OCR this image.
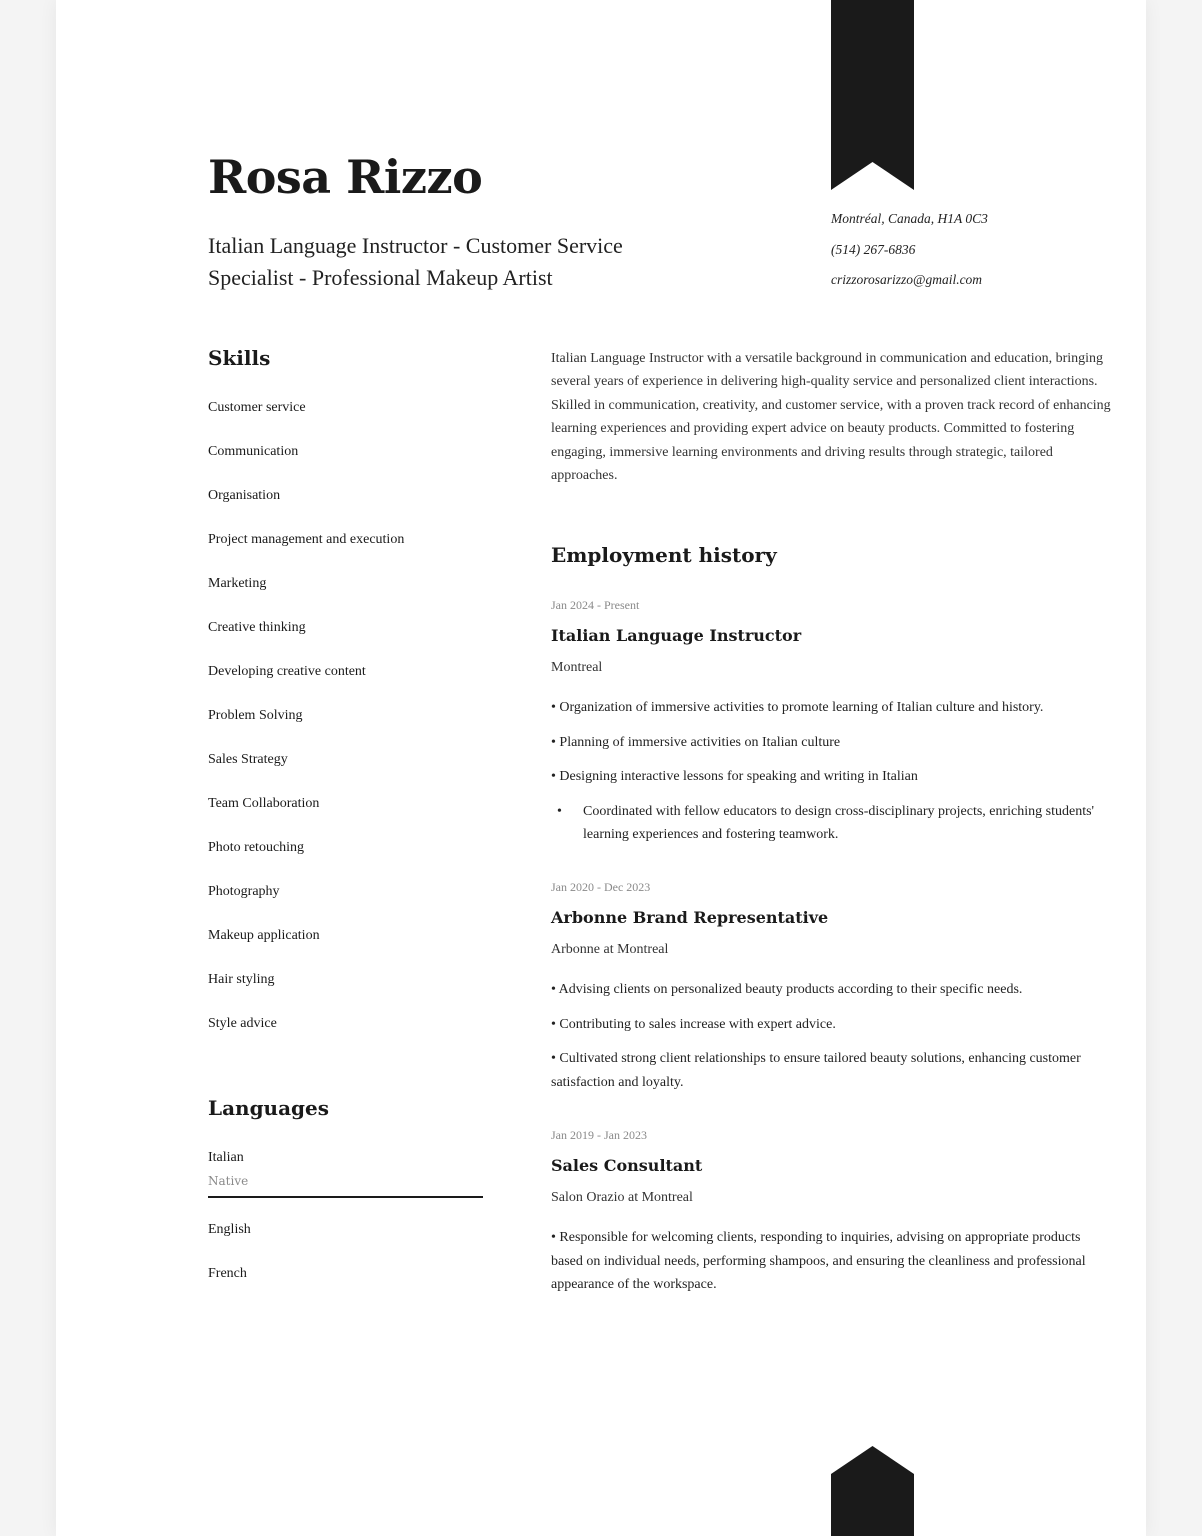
Rosa Rizzo

Italian Language Instructor - Customer Service Specialist - Professional Makeup Artist

Montréal, Canada, H1A 0C3
(514) 267-6836
crizzorosarizzo@gmail.com
Skills
Customer service
Communication
Organisation
Project management and execution
Marketing
Creative thinking
Developing creative content
Problem Solving
Sales Strategy
Team Collaboration
Photo retouching
Photography
Makeup application
Hair styling
Style advice
Languages
Italian
Native
English
French

Italian Language Instructor with a versatile background in communication and education, bringing several years of experience in delivering high-quality service and personalized client interactions. Skilled in communication, creativity, and customer service, with a proven track record of enhancing learning experiences and providing expert advice on beauty products. Committed to fostering engaging, immersive learning environments and driving results through strategic, tailored approaches.

Employment history
Jan 2024 - Present
Italian Language Instructor
Montreal
• Organization of immersive activities to promote learning of Italian culture and history.
• Planning of immersive activities on Italian culture
• Designing interactive lessons for speaking and writing in Italian
•	Coordinated with fellow educators to design cross-disciplinary projects, enriching students' learning experiences and fostering teamwork.
Jan 2020 - Dec 2023
Arbonne Brand Representative
Arbonne at Montreal
• Advising clients on personalized beauty products according to their specific needs.
• Contributing to sales increase with expert advice.
• Cultivated strong client relationships to ensure tailored beauty solutions, enhancing customer satisfaction and loyalty.
Jan 2019 - Jan 2023
Sales Consultant
Salon Orazio at Montreal
• Responsible for welcoming clients, responding to inquiries, advising on appropriate products based on individual needs, performing shampoos, and ensuring the cleanliness and professional appearance of the workspace.
